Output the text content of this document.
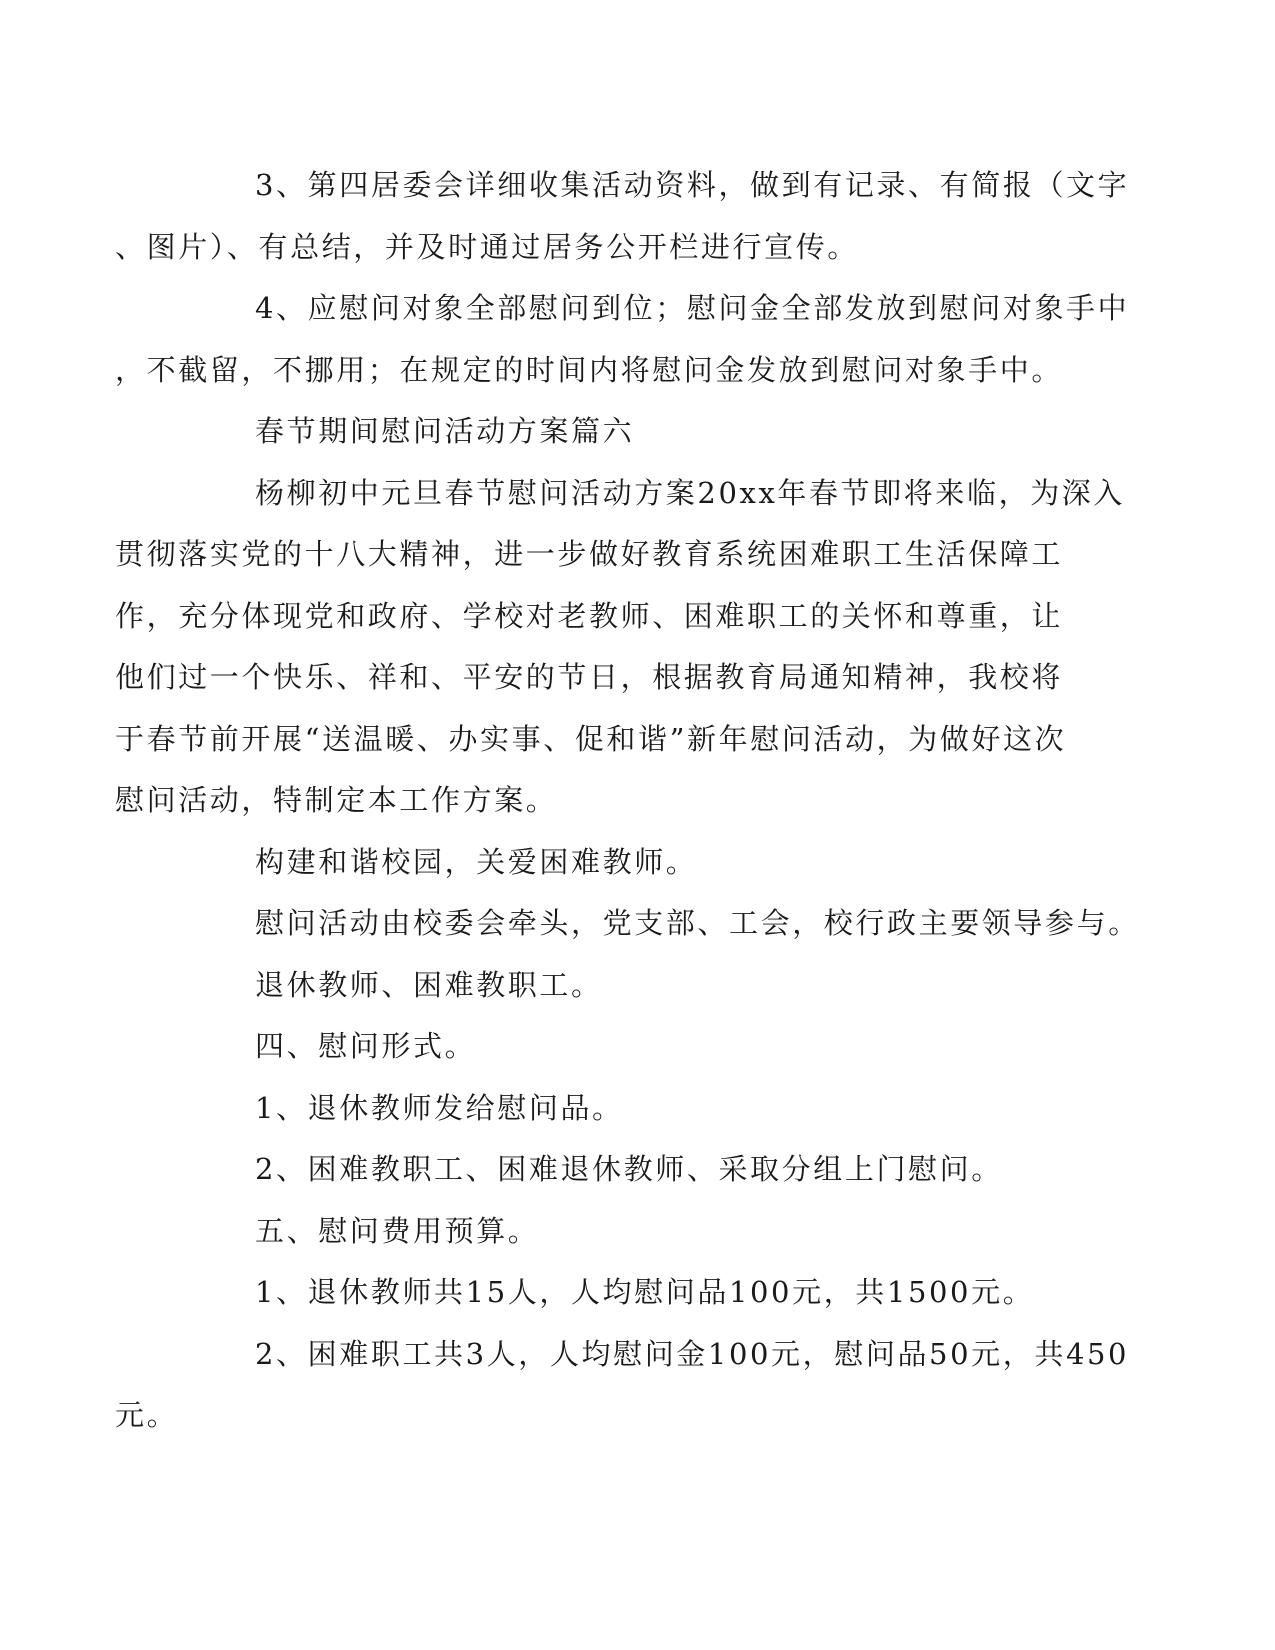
3、第四居委会详细收集活动资料，做到有记录、有简报（文字
、图片）、有总结，并及时通过居务公开栏进行宣传。

4、应慰问对象全部慰问到位；慰问金全部发放到慰问对象手中
，不截留，不挪用；在规定的时间内将慰问金发放到慰问对象手中。

春节期间慰问活动方案篇六

杨柳初中元旦春节慰问活动方案20xx年春节即将来临，为深入
贯彻落实党的十八大精神，进一步做好教育系统困难职工生活保障工
作，充分体现党和政府、学校对老教师、困难职工的关怀和尊重，让
他们过一个快乐、祥和、平安的节日，根据教育局通知精神，我校将
于春节前开展“送温暖、办实事、促和谐”新年慰问活动，为做好这次
慰问活动，特制定本工作方案。

构建和谐校园，关爱困难教师。

慰问活动由校委会牵头，党支部、工会，校行政主要领导参与。

退休教师、困难教职工。

四、慰问形式。

1、退休教师发给慰问品。

2、困难教职工、困难退休教师、采取分组上门慰问。

五、慰问费用预算。

1、退休教师共15人，人均慰问品100元，共1500元。

2、困难职工共3人，人均慰问金100元，慰问品50元，共450
元。
